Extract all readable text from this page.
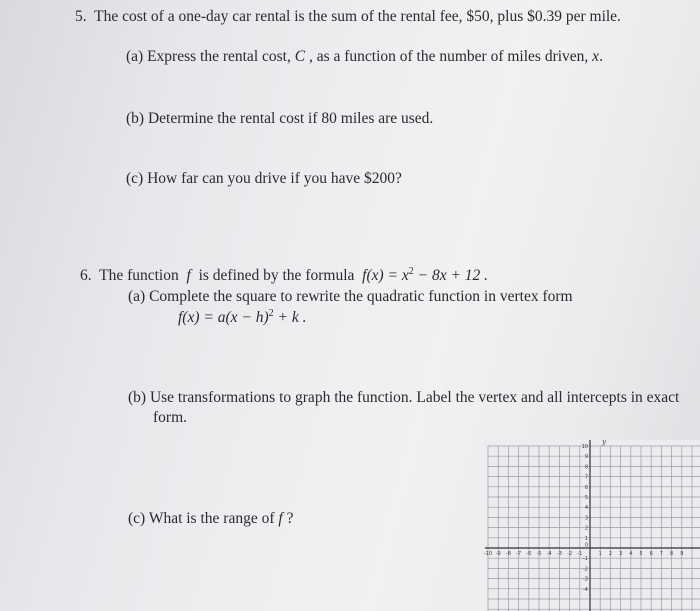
5. The cost of a one-day car rental is the sum of the rental fee, $50, plus $0.39 per mile.
(a) Express the rental cost, C , as a function of the number of miles driven, x.
(b) Determine the rental cost if 80 miles are used.
(c) How far can you drive if you have $200?
6. The function f is defined by the formula $f(x) = x^2 - 8x + 12$ .
(a) Complete the square to rewrite the quadratic function in vertex form
$f(x) = a(x - h)^2 + k$ .
(b) Use transformations to graph the function. Label the vertex and all intercepts in exact
form.
(c) What is the range of f ?
y
10
9
8
7
6
5
4
3
2
1
-1
-2
-3
-4
-10 -9 -8 -7 -6 -5 -4 -3 -2 -1	1 2 3 4 5 6 7 8 9
0
